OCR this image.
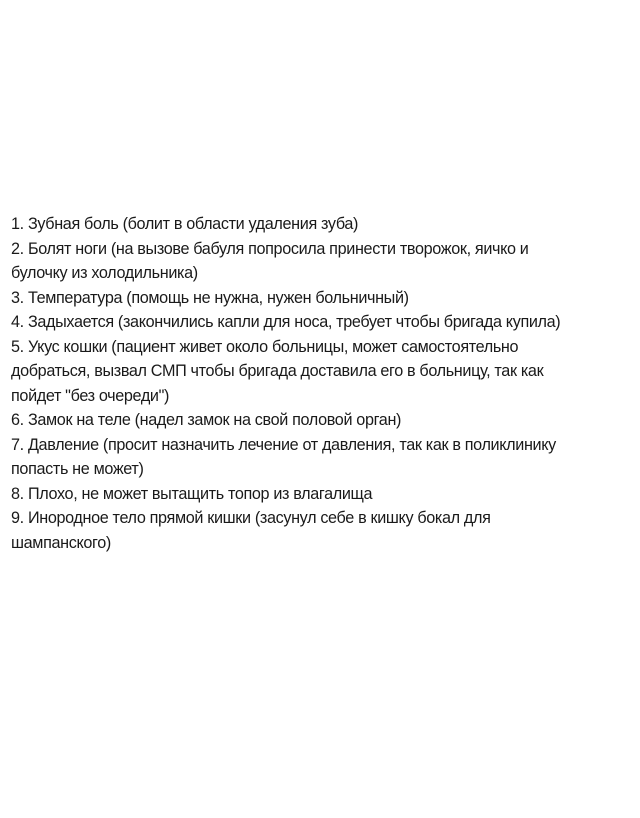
1. Зубная боль (болит в области удаления зуба)
2. Болят ноги (на вызове бабуля попросила принести творожок, яичко и
булочку из холодильника)
3. Температура (помощь не нужна, нужен больничный)
4. Задыхается (закончились капли для носа, требует чтобы бригада купила)
5. Укус кошки (пациент живет около больницы, может самостоятельно
добраться, вызвал СМП чтобы бригада доставила его в больницу, так как
пойдет "без очереди")
6. Замок на теле (надел замок на свой половой орган)
7. Давление (просит назначить лечение от давления, так как в поликлинику
попасть не может)
8. Плохо, не может вытащить топор из влагалища
9. Инородное тело прямой кишки (засунул себе в кишку бокал для
шампанского)
